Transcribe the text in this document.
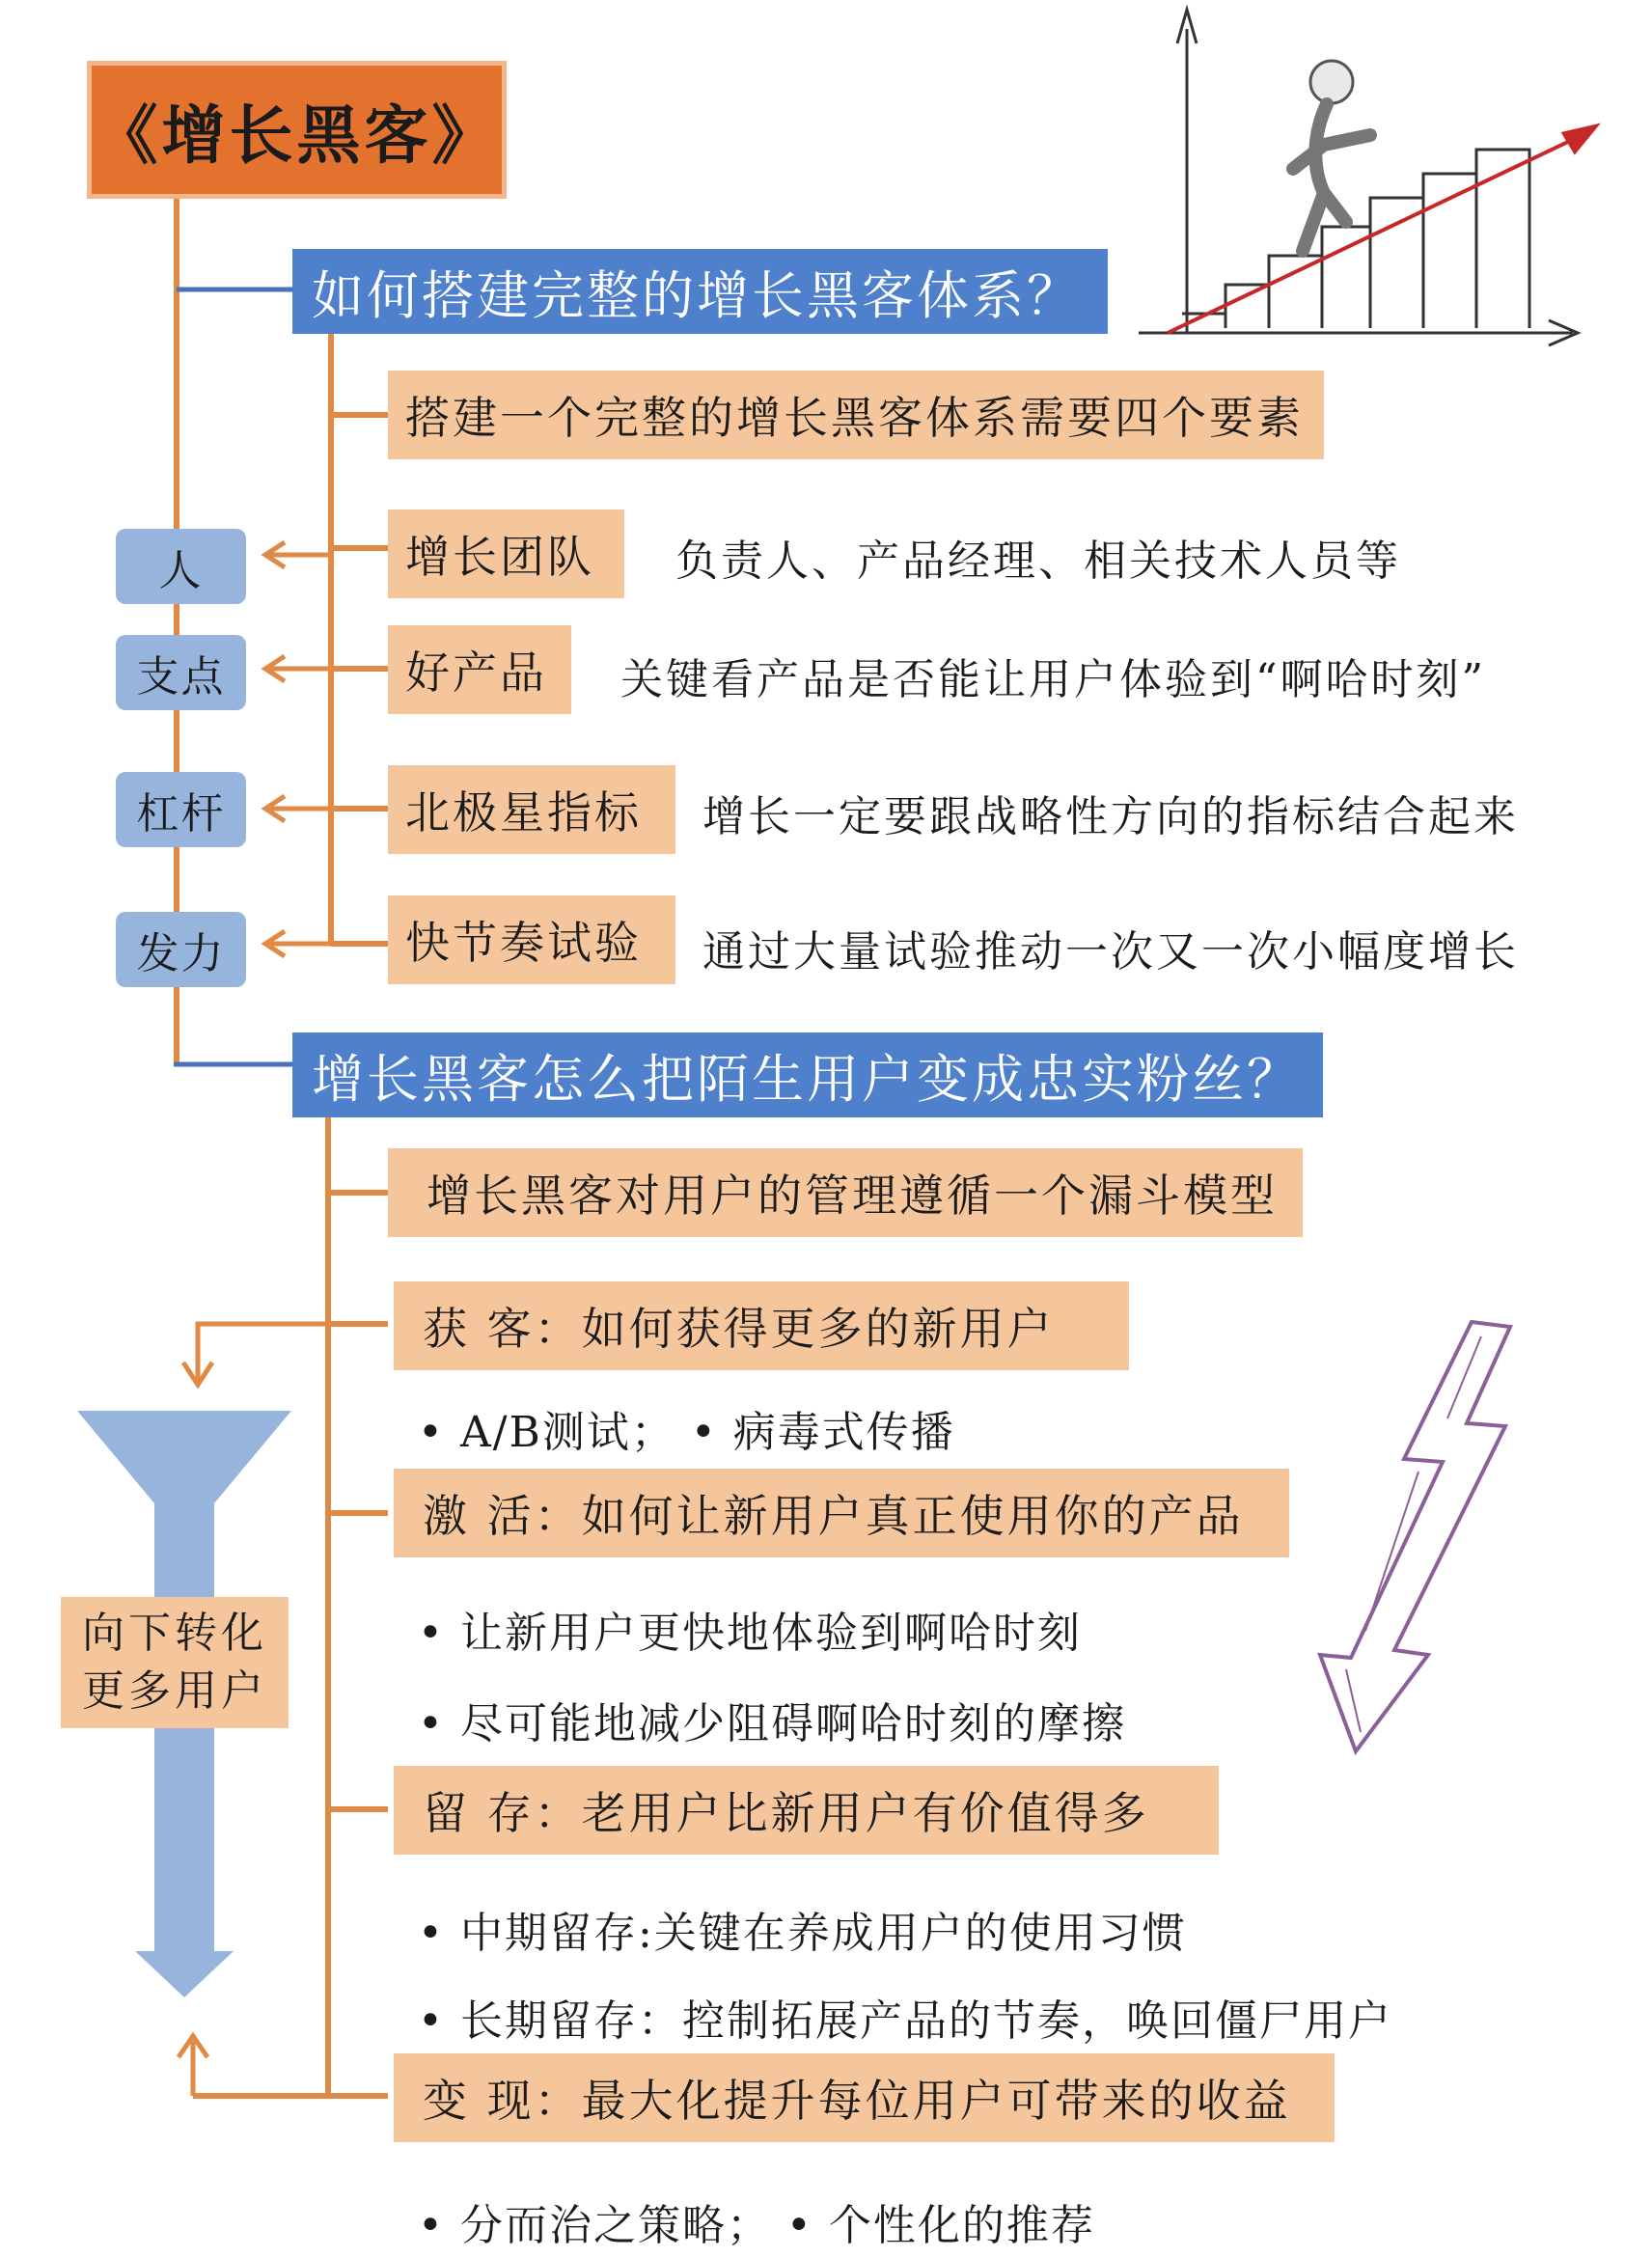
《增长黑客》
如何搭建完整的增长黑客体系？
搭建一个完整的增长黑客体系需要四个要素
人	增长团队	负责人、产品经理、相关技术人员等
支点	好产品	关键看产品是否能让用户体验到“啊哈时刻”
杠杆	北极星指标	增长一定要跟战略性方向的指标结合起来
发力	快节奏试验	通过大量试验推动一次又一次小幅度增长
增长黑客怎么把陌生用户变成忠实粉丝？
增长黑客对用户的管理遵循一个漏斗模型
向下转化
更多用户
获 客：如何获得更多的新用户
• A/B测试； • 病毒式传播
激 活：如何让新用户真正使用你的产品
• 让新用户更快地体验到啊哈时刻
• 尽可能地减少阻碍啊哈时刻的摩擦
留 存：老用户比新用户有价值得多
• 中期留存:关键在养成用户的使用习惯
• 长期留存：控制拓展产品的节奏，唤回僵尸用户
变 现：最大化提升每位用户可带来的收益
• 分而治之策略； • 个性化的推荐
